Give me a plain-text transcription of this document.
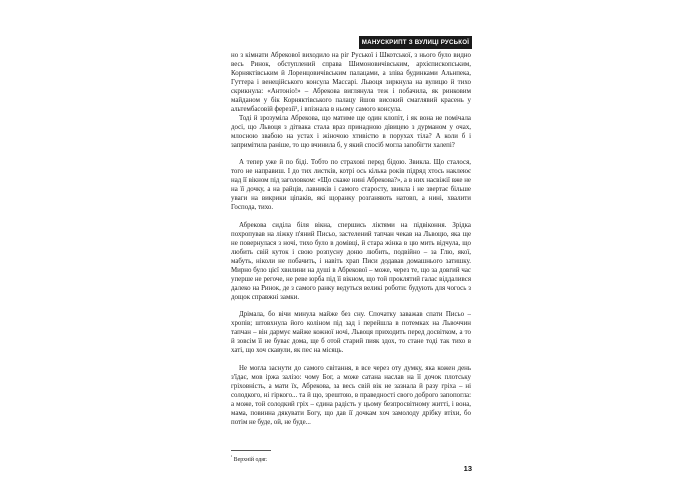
МАНУСКРИПТ З ВУЛИЦІ РУСЬКОЇ

но з кімнати Абрекової виходило на ріг Руської і Шкотської, з нього було видно весь Ринок, обступлений справа Шимоновичівським, архієпископським, Корняктівським й Лоренцовичівським палацами, а зліва будинками Альнпека, Гуттера і венеційського консула Массарі. Львоця зиркнула на вулицю й тихо скрикнула: «Антоніо!» – Абрекова виглянула теж і побачила, як ринковим майданом у бік Корняктівського палацу йшов високий смаглявий красень у альтембасовій ферезії¹, і впізнала в ньому самого консула.

Тоді й зрозуміла Абрекова, що матиме ще один клопіт, і як вона не помічала досі, що Львоця з дітвака стала враз принадною дівицею з дурманом у очах, млосною звабою на устах і жіночою хтивістю в порухах тіла? А коли б і запримітила раніше, то що вчинила б, у який спосіб могла запобігти халепі?

А тепер уже й по біді. Тобто по страхові перед бідою. Звикла. Що сталося, того не направиш. І до тих листків, котрі ось кілька років підряд хтось наклеює над її вікном під заголовком: «Що скаже нині Абрекова?», а в них насвіжії вже не на її дочку, а на райців, лавників і самого старосту, звикла і не звертає більше уваги на викрики ціпаків, які щоранку розганяють натовп, а нині, хвалити Господа, тихо.

Абрекова сиділа біля вікна, спершись ліктями на підвіконня. Зрідка похропував на ліжку п'яний Письо, застелений тапчан чекав на Львоцю, яка ще не повернулася з ночі, тихо було в домівці, й стара жінка в цю мить відчула, що любить свій куток і свою розпусну доню любить, подвійно – за Глю, якої, мабуть, ніколи не побачить, і навіть храп Писи додавав домашнього затишку. Мирно було цієї хвилини на душі в Абрекової – може, через те, що за довгий час уперше не регоче, не реве юрба під її вікном, що той проклятий галас віддалився далеко на Ринок, де з самого ранку ведуться великі роботи: будують для чогось з дощок справжні замки.

Дрімала, бо вічи минула майже без сну. Спочатку заважав спати Письо – хропів; штовхнула його коліном під зад і перейшла в потемках на Львоччин тапчан – він дармує майже кожної ночі, Львоця приходить перед досвітком, а то й зовсім її не буває дома, ще б отой старий пияк здох, то стане тоді так тихо в хаті, що хоч скавули, як пес на місяць.

Не могла заснути до самого світання, в все через оту думку, яка кожен день з'їдає, мов іржа залізо: чому Бог, а може сатана наслав на її дочок плотську гріховність, а мати їх, Абрекова, за весь свій вік не зазнала й разу гріха – ні солодкого, ні гіркого... та й що, зрештою, в праведності свого доброго запопогла: а може, той солодкий гріх – єдина радість у цьому безпросвітному житті, і вона, мама, повинна дякувати Богу, що дав її дочкам хоч замолоду дрібку втіхи, бо потім не буде, ой, не буде...

$^{^1}$ Верхній одяг.
13
